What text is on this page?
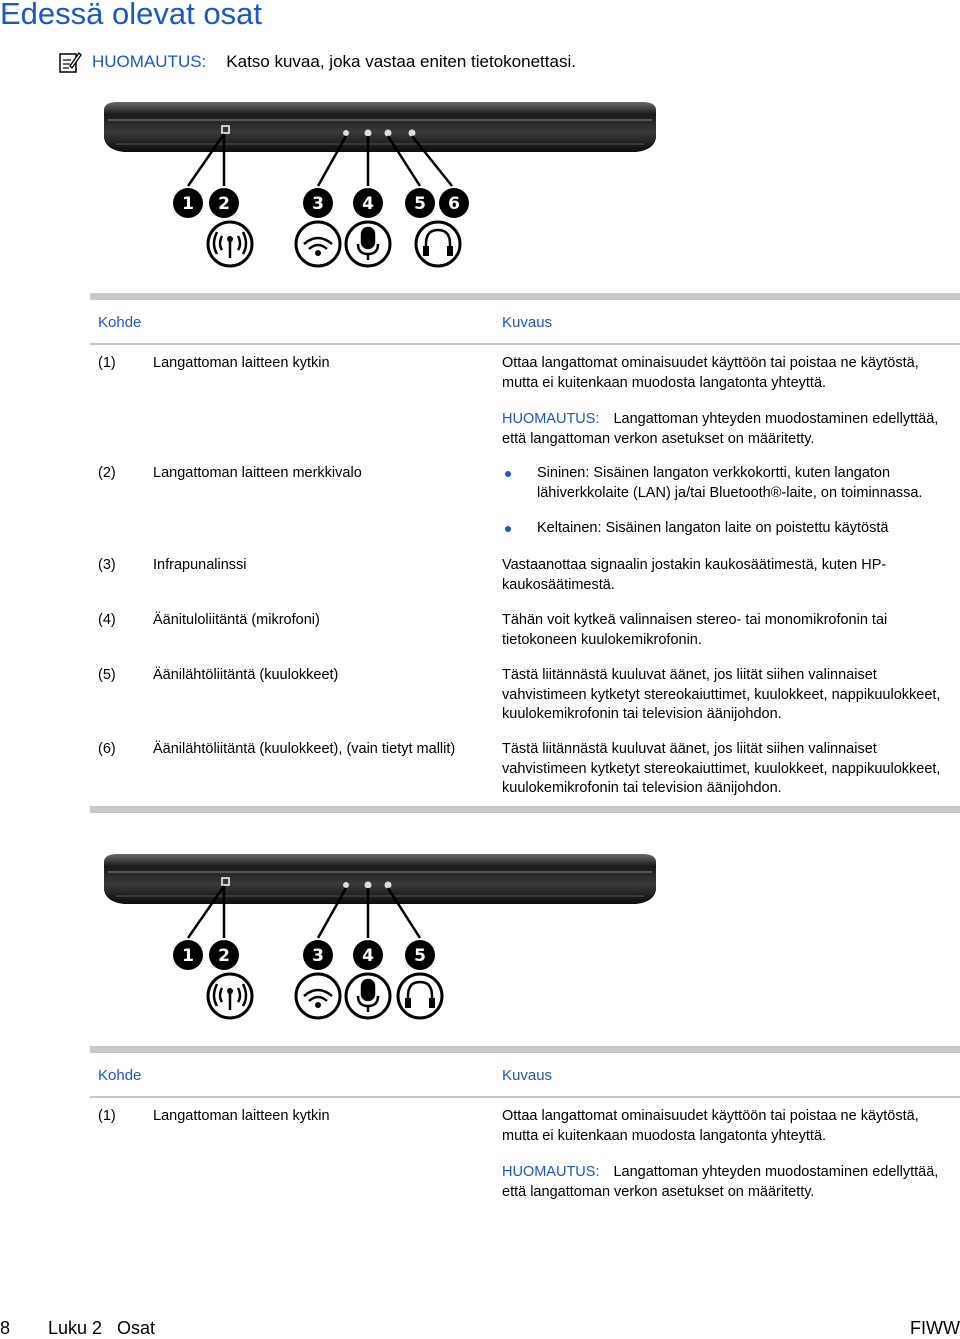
Edessä olevat osat
HUOMAUTUS: Katso kuvaa, joka vastaa eniten tietokonettasi.
1 2	3 4 5 6
Kohde	Kuvaus
(1)	Langattoman laitteen kytkin	Ottaa langattomat ominaisuudet käyttöön tai poistaa ne käytöstä, mutta ei kuitenkaan muodosta langatonta yhteyttä.

HUOMAUTUS: Langattoman yhteyden muodostaminen edellyttää, että langattoman verkon asetukset on määritetty.

(2)	Langattoman laitteen merkkivalo	Sininen: Sisäinen langaton verkkokortti, kuten langaton lähiverkkolaite (LAN) ja/tai Bluetooth®-laite, on toiminnassa.
Keltainen: Sisäinen langaton laite on poistettu käytöstä
(3)	Infrapunalinssi	Vastaanottaa signaalin jostakin kaukosäätimestä, kuten HP-kaukosäätimestä.
(4)	Äänituloliitäntä (mikrofoni)	Tähän voit kytkeä valinnaisen stereo- tai monomikrofonin tai tietokoneen kuulokemikrofonin.
(5)	Äänilähtöliitäntä (kuulokkeet)	Tästä liitännästä kuuluvat äänet, jos liität siihen valinnaiset vahvistimeen kytketyt stereokaiuttimet, kuulokkeet, nappikuulokkeet, kuulokemikrofonin tai television äänijohdon.
(6)	Äänilähtöliitäntä (kuulokkeet), (vain tietyt mallit)	Tästä liitännästä kuuluvat äänet, jos liität siihen valinnaiset vahvistimeen kytketyt stereokaiuttimet, kuulokkeet, nappikuulokkeet, kuulokemikrofonin tai television äänijohdon.
1 2	3 4 5
Kohde	Kuvaus
(1)	Langattoman laitteen kytkin	Ottaa langattomat ominaisuudet käyttöön tai poistaa ne käytöstä, mutta ei kuitenkaan muodosta langatonta yhteyttä.

HUOMAUTUS: Langattoman yhteyden muodostaminen edellyttää, että langattoman verkon asetukset on määritetty.

8 Luku 2   Osat	FIWW
